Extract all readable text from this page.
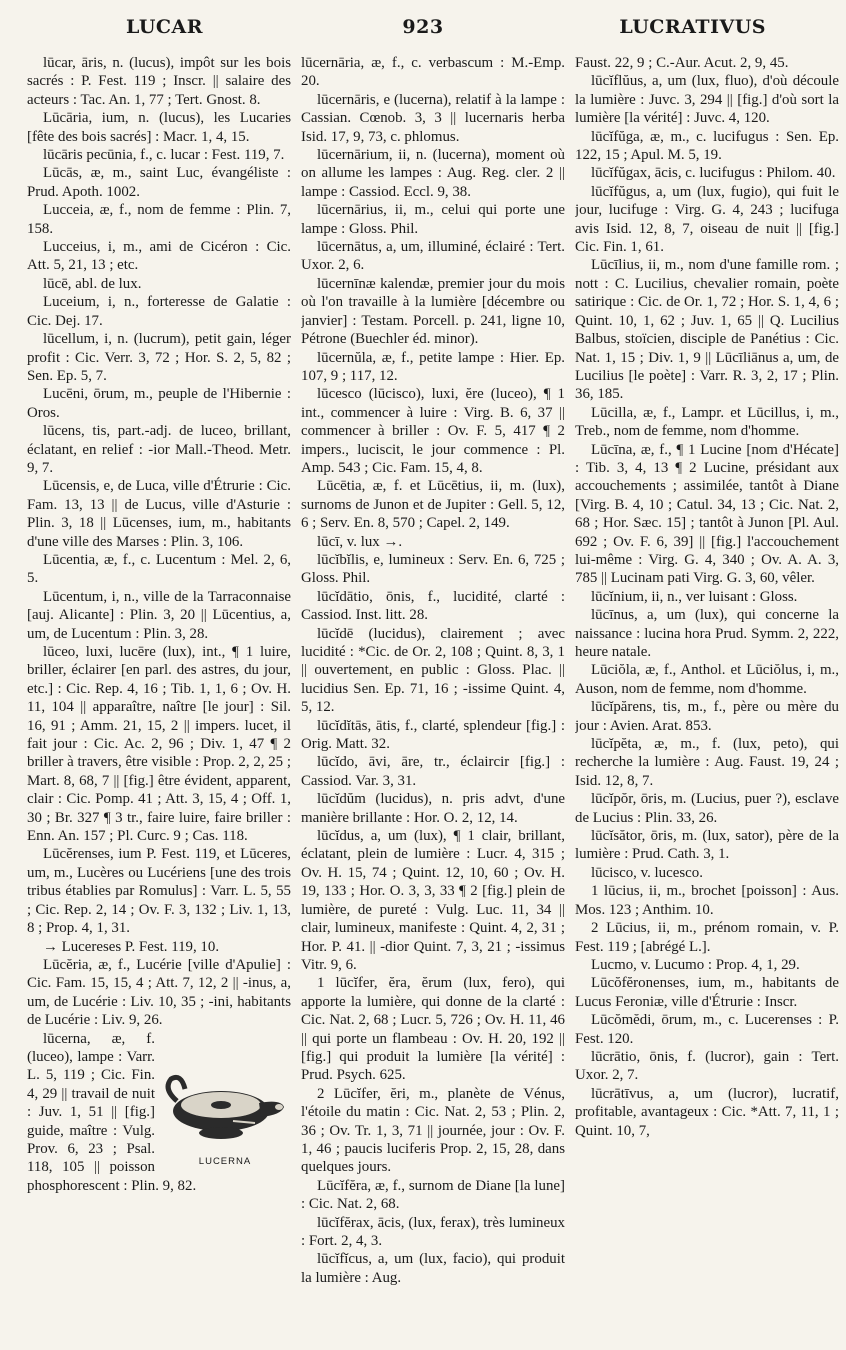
LUCAR	923	LUCRATIVUS

lūcar, āris, n. (lucus), impôt sur les bois sacrés : P. Fest. 119 ; Inscr. || salaire des acteurs : Tac. An. 1, 77 ; Tert. Gnost. 8.

Lūcāria, ium, n. (lucus), les Lucaries [fête des bois sacrés] : Macr. 1, 4, 15.

lūcāris pecūnia, f., c. lucar : Fest. 119, 7.

Lūcās, æ, m., saint Luc, évangéliste : Prud. Apoth. 1002.

Lucceia, æ, f., nom de femme : Plin. 7, 158.

Lucceius, i, m., ami de Cicéron : Cic. Att. 5, 21, 13 ; etc.

lūcē, abl. de lux.

Luceium, i, n., forteresse de Galatie : Cic. Dej. 17.

lūcellum, i, n. (lucrum), petit gain, léger profit : Cic. Verr. 3, 72 ; Hor. S. 2, 5, 82 ; Sen. Ep. 5, 7.

Lucēni, ōrum, m., peuple de l'Hibernie : Oros.

lūcens, tis, part.-adj. de luceo, brillant, éclatant, en relief : -ior Mall.-Theod. Metr. 9, 7.

Lūcensis, e, de Luca, ville d'Étrurie : Cic. Fam. 13, 13 || de Lucus, ville d'Asturie : Plin. 3, 18 || Lūcenses, ium, m., habitants d'une ville des Marses : Plin. 3, 106.

Lūcentia, æ, f., c. Lucentum : Mel. 2, 6, 5.

Lūcentum, i, n., ville de la Tarraconnaise [auj. Alicante] : Plin. 3, 20 || Lūcentius, a, um, de Lucentum : Plin. 3, 28.

lūceo, luxi, lucēre (lux), int., ¶ 1 luire, briller, éclairer [en parl. des astres, du jour, etc.] : Cic. Rep. 4, 16 ; Tib. 1, 1, 6 ; Ov. H. 11, 104 || apparaître, naître [le jour] : Sil. 16, 91 ; Amm. 21, 15, 2 || impers. lucet, il fait jour : Cic. Ac. 2, 96 ; Div. 1, 47 ¶ 2 briller à travers, être visible : Prop. 2, 2, 25 ; Mart. 8, 68, 7 || [fig.] être évident, apparent, clair : Cic. Pomp. 41 ; Att. 3, 15, 4 ; Off. 1, 30 ; Br. 327 ¶ 3 tr., faire luire, faire briller : Enn. An. 157 ; Pl. Curc. 9 ; Cas. 118.

Lūcĕrenses, ium P. Fest. 119, et Lūceres, um, m., Lucères ou Lucériens [une des trois tribus établies par Romulus] : Varr. L. 5, 55 ; Cic. Rep. 2, 14 ; Ov. F. 3, 132 ; Liv. 1, 13, 8 ; Prop. 4, 1, 31.

→ Lucereses P. Fest. 119, 10.

Lūcĕria, æ, f., Lucérie [ville d'Apulie] : Cic. Fam. 15, 15, 4 ; Att. 7, 12, 2 || -inus, a, um, de Lucérie : Liv. 10, 35 ; -ini, habitants de Lucérie : Liv. 9, 26.

LUCERNA

lūcerna, æ, f. (luceo), lampe : Varr. L. 5, 119 ; Cic. Fin. 4, 29 || travail de nuit : Juv. 1, 51 || [fig.] guide, maître : Vulg. Prov. 6, 23 ; Psal. 118, 105 || poisson phosphorescent : Plin. 9, 82.

lūcernāria, æ, f., c. verbascum : M.-Emp. 20.

lūcernāris, e (lucerna), relatif à la lampe : Cassian. Cœnob. 3, 3 || lucernaris herba Isid. 17, 9, 73, c. phlomus.

lūcernārium, ii, n. (lucerna), moment où on allume les lampes : Aug. Reg. cler. 2 || lampe : Cassiod. Eccl. 9, 38.

lūcernārius, ii, m., celui qui porte une lampe : Gloss. Phil.

lūcernātus, a, um, illuminé, éclairé : Tert. Uxor. 2, 6.

lūcernīnæ kalendæ, premier jour du mois où l'on travaille à la lumière [décembre ou janvier] : Testam. Porcell. p. 241, ligne 10, Pétrone (Buechler éd. minor).

lūcernŭla, æ, f., petite lampe : Hier. Ep. 107, 9 ; 117, 12.

lūcesco (lūcisco), luxi, ĕre (luceo), ¶ 1 int., commencer à luire : Virg. B. 6, 37 || commencer à briller : Ov. F. 5, 417 ¶ 2 impers., luciscit, le jour commence : Pl. Amp. 543 ; Cic. Fam. 15, 4, 8.

Lūcētia, æ, f. et Lūcētius, ii, m. (lux), surnoms de Junon et de Jupiter : Gell. 5, 12, 6 ; Serv. En. 8, 570 ; Capel. 2, 149.

lūcī, v. lux →.

lūcĭbĭlis, e, lumineux : Serv. En. 6, 725 ; Gloss. Phil.

lūcĭdātio, ōnis, f., lucidité, clarté : Cassiod. Inst. litt. 28.

lūcĭdē (lucidus), clairement ; avec lucidité : *Cic. de Or. 2, 108 ; Quint. 8, 3, 1 || ouvertement, en public : Gloss. Plac. || lucidius Sen. Ep. 71, 16 ; -issime Quint. 4, 5, 12.

lūcĭdĭtās, ātis, f., clarté, splendeur [fig.] : Orig. Matt. 32.

lūcĭdo, āvi, āre, tr., éclaircir [fig.] : Cassiod. Var. 3, 31.

lūcĭdŭm (lucidus), n. pris advt, d'une manière brillante : Hor. O. 2, 12, 14.

lūcĭdus, a, um (lux), ¶ 1 clair, brillant, éclatant, plein de lumière : Lucr. 4, 315 ; Ov. H. 15, 74 ; Quint. 12, 10, 60 ; Ov. H. 19, 133 ; Hor. O. 3, 3, 33 ¶ 2 [fig.] plein de lumière, de pureté : Vulg. Luc. 11, 34 || clair, lumineux, manifeste : Quint. 4, 2, 31 ; Hor. P. 41. || -dior Quint. 7, 3, 21 ; -issimus Vitr. 9, 6.

1 lūcĭfer, ĕra, ĕrum (lux, fero), qui apporte la lumière, qui donne de la clarté : Cic. Nat. 2, 68 ; Lucr. 5, 726 ; Ov. H. 11, 46 || qui porte un flambeau : Ov. H. 20, 192 || [fig.] qui produit la lumière [la vérité] : Prud. Psych. 625.

2 Lūcĭfer, ĕri, m., planète de Vénus, l'étoile du matin : Cic. Nat. 2, 53 ; Plin. 2, 36 ; Ov. Tr. 1, 3, 71 || journée, jour : Ov. F. 1, 46 ; paucis luciferis Prop. 2, 15, 28, dans quelques jours.

Lūcĭfĕra, æ, f., surnom de Diane [la lune] : Cic. Nat. 2, 68.

lūcĭfĕrax, ācis, (lux, ferax), très lumineux : Fort. 2, 4, 3.

lūcĭfĭcus, a, um (lux, facio), qui produit la lumière : Aug.

Faust. 22, 9 ; C.-Aur. Acut. 2, 9, 45.

lūcĭflŭus, a, um (lux, fluo), d'où découle la lumière : Juvc. 3, 294 || [fig.] d'où sort la lumière [la vérité] : Juvc. 4, 120.

lūcĭfŭga, æ, m., c. lucifugus : Sen. Ep. 122, 15 ; Apul. M. 5, 19.

lūcĭfŭgax, ācis, c. lucifugus : Philom. 40.

lūcĭfŭgus, a, um (lux, fugio), qui fuit le jour, lucifuge : Virg. G. 4, 243 ; lucifuga avis Isid. 12, 8, 7, oiseau de nuit || [fig.] Cic. Fin. 1, 61.

Lūcīlius, ii, m., nom d'une famille rom. ; nott : C. Lucilius, chevalier romain, poète satirique : Cic. de Or. 1, 72 ; Hor. S. 1, 4, 6 ; Quint. 10, 1, 62 ; Juv. 1, 65 || Q. Lucilius Balbus, stoïcien, disciple de Panétius : Cic. Nat. 1, 15 ; Div. 1, 9 || Lūcīliānus a, um, de Lucilius [le poète] : Varr. R. 3, 2, 17 ; Plin. 36, 185.

Lūcilla, æ, f., Lampr. et Lūcillus, i, m., Treb., nom de femme, nom d'homme.

Lūcīna, æ, f., ¶ 1 Lucine [nom d'Hécate] : Tib. 3, 4, 13 ¶ 2 Lucine, présidant aux accouchements ; assimilée, tantôt à Diane [Virg. B. 4, 10 ; Catul. 34, 13 ; Cic. Nat. 2, 68 ; Hor. Sæc. 15] ; tantôt à Junon [Pl. Aul. 692 ; Ov. F. 6, 39] || [fig.] l'accouchement lui-même : Virg. G. 4, 340 ; Ov. A. A. 3, 785 || Lucinam pati Virg. G. 3, 60, vêler.

lūcĭnium, ii, n., ver luisant : Gloss.

lūcīnus, a, um (lux), qui concerne la naissance : lucina hora Prud. Symm. 2, 222, heure natale.

Lūciŏla, æ, f., Anthol. et Lūciŏlus, i, m., Auson, nom de femme, nom d'homme.

lūcĭpărens, tis, m., f., père ou mère du jour : Avien. Arat. 853.

lūcĭpĕta, æ, m., f. (lux, peto), qui recherche la lumière : Aug. Faust. 19, 24 ; Isid. 12, 8, 7.

lūcĭpŏr, ōris, m. (Lucius, puer ?), esclave de Lucius : Plin. 33, 26.

lūcĭsător, ōris, m. (lux, sator), père de la lumière : Prud. Cath. 3, 1.

lūcisco, v. lucesco.

1 lūcius, ii, m., brochet [poisson] : Aus. Mos. 123 ; Anthim. 10.

2 Lūcius, ii, m., prénom romain, v. P. Fest. 119 ; [abrégé L.].

Lucmo, v. Lucumo : Prop. 4, 1, 29.

Lūcŏfĕronenses, ium, m., habitants de Lucus Feroniæ, ville d'Étrurie : Inscr.

Lūcŏmĕdi, ōrum, m., c. Lucerenses : P. Fest. 120.

lūcrātio, ōnis, f. (lucror), gain : Tert. Uxor. 2, 7.

lūcrātīvus, a, um (lucror), lucratif, profitable, avantageux : Cic. *Att. 7, 11, 1 ; Quint. 10, 7,
